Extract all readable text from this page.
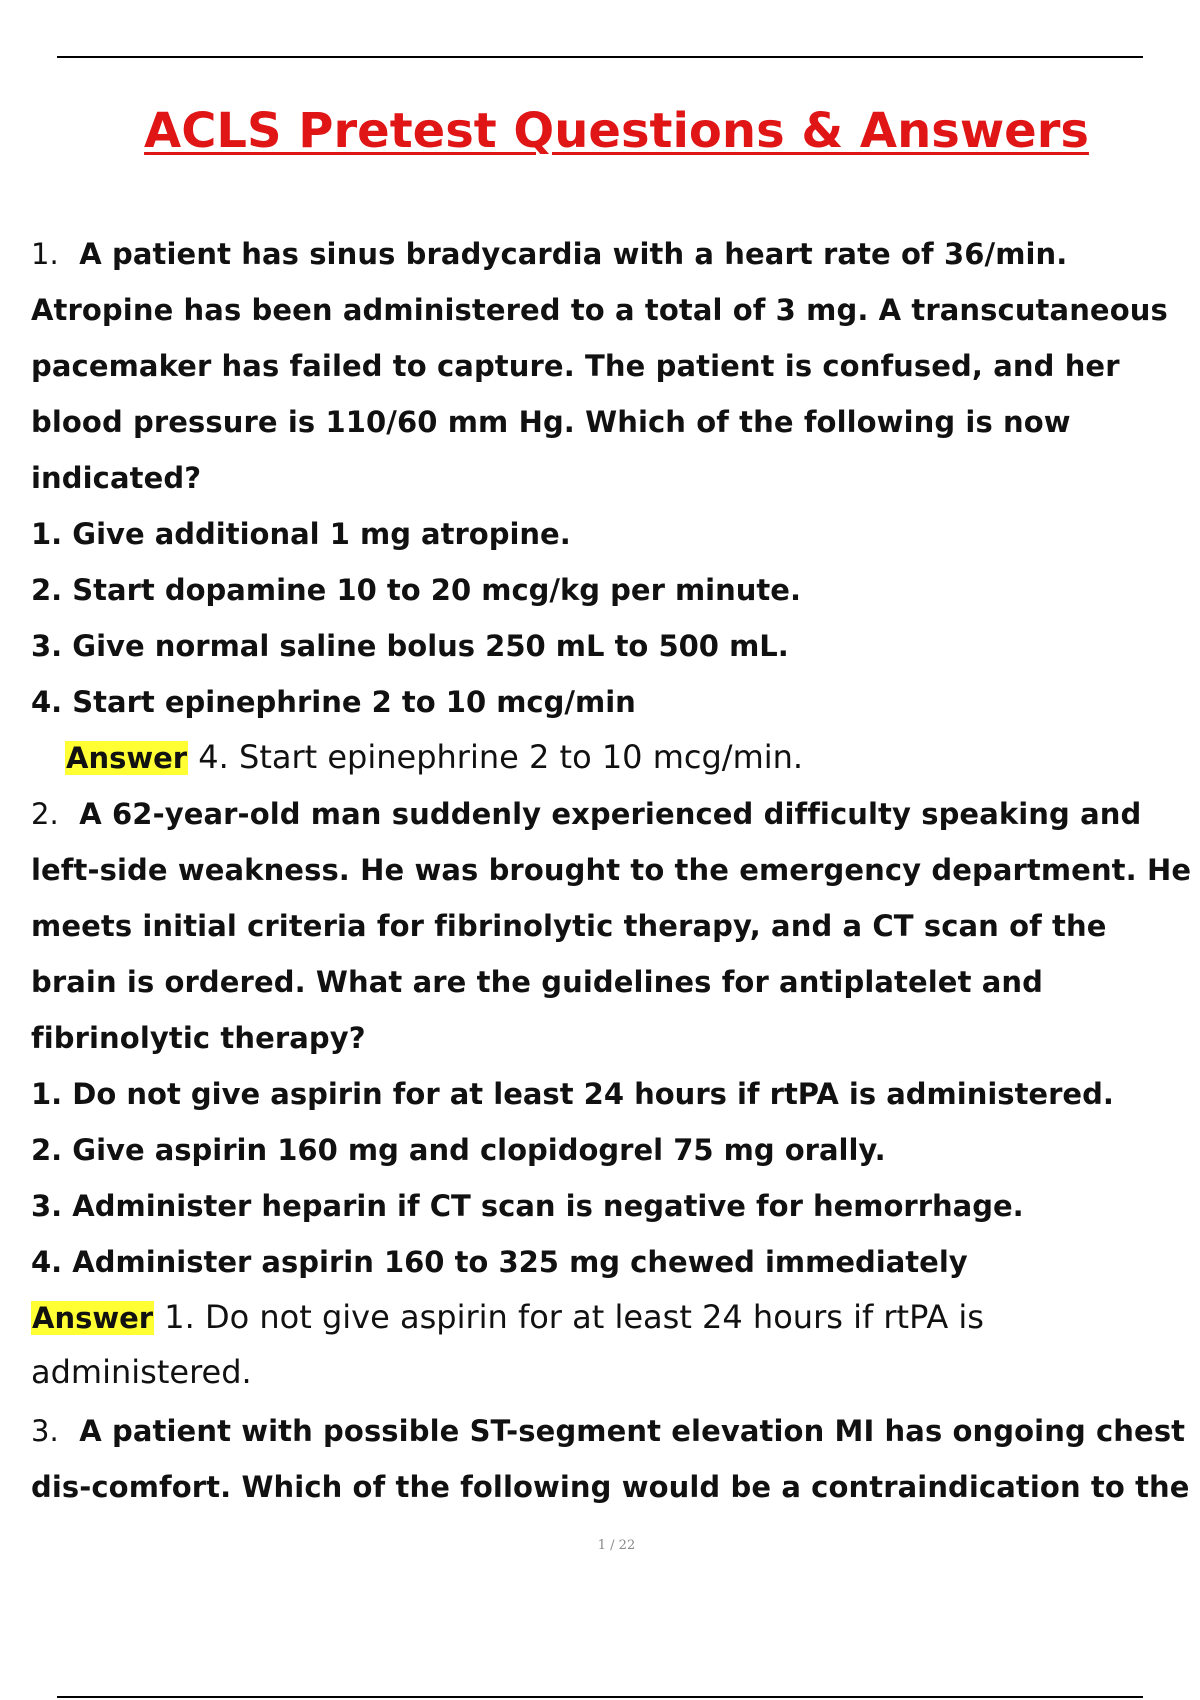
ACLS Pretest Questions & Answers

1. A patient has sinus bradycardia with a heart rate of 36/min. Atropine has been administered to a total of 3 mg. A transcutaneous pacemaker has failed to capture. The patient is confused, and her blood pressure is 110/60 mm Hg. Which of the following is now indicated?

1. Give additional 1 mg atropine.

2. Start dopamine 10 to 20 mcg/kg per minute.

3. Give normal saline bolus 250 mL to 500 mL.

4. Start epinephrine 2 to 10 mcg/min

Answer 4. Start epinephrine 2 to 10 mcg/min.

2. A 62-year-old man suddenly experienced difficulty speaking and left-side weakness. He was brought to the emergency department. He meets initial criteria for fibrinolytic therapy, and a CT scan of the brain is ordered. What are the guidelines for antiplatelet and fibrinolytic therapy?

1. Do not give aspirin for at least 24 hours if rtPA is administered.

2. Give aspirin 160 mg and clopidogrel 75 mg orally.

3. Administer heparin if CT scan is negative for hemorrhage.

4. Administer aspirin 160 to 325 mg chewed immediately

Answer 1. Do not give aspirin for at least 24 hours if rtPA is administered.

3. A patient with possible ST-segment elevation MI has ongoing chest dis-comfort. Which of the following would be a contraindication to the

1 / 22
